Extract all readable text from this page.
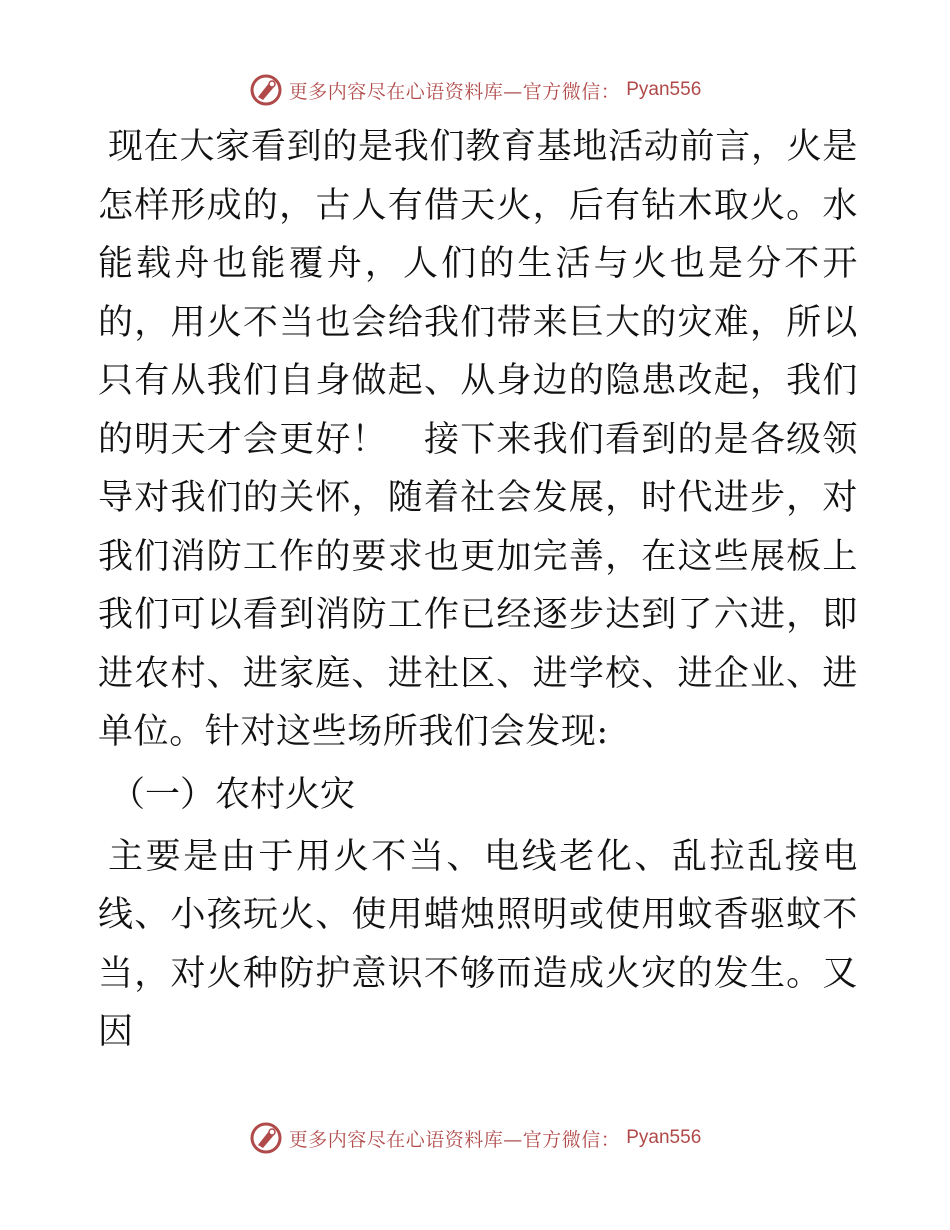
更多内容尽在心语资料库—官方微信： Pyan556

现在大家看到的是我们教育基地活动前言，火是怎样形成的，古人有借天火，后有钻木取火。水能载舟也能覆舟，人们的生活与火也是分不开的，用火不当也会给我们带来巨大的灾难，所以只有从我们自身做起、从身边的隐患改起，我们的明天才会更好！　接下来我们看到的是各级领导对我们的关怀，随着社会发展，时代进步，对我们消防工作的要求也更加完善，在这些展板上我们可以看到消防工作已经逐步达到了六进，即进农村、进家庭、进社区、进学校、进企业、进单位。针对这些场所我们会发现:

（一）农村火灾

主要是由于用火不当、电线老化、乱拉乱接电线、小孩玩火、使用蜡烛照明或使用蚊香驱蚊不当，对火种防护意识不够而造成火灾的发生。又因

更多内容尽在心语资料库—官方微信： Pyan556
